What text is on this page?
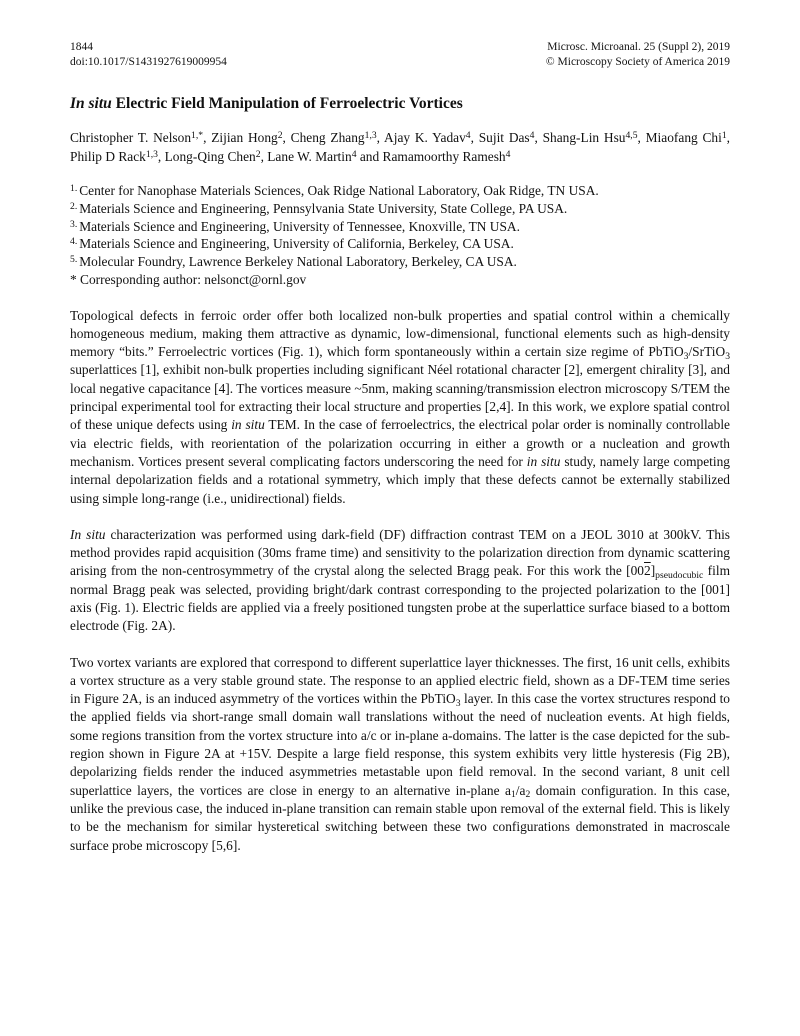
1844
doi:10.1017/S1431927619009954
Microsc. Microanal. 25 (Suppl 2), 2019
© Microscopy Society of America 2019
In situ Electric Field Manipulation of Ferroelectric Vortices

Christopher T. Nelson$^{1,*}$, Zijian Hong$^2$, Cheng Zhang$^{1,3}$, Ajay K. Yadav$^4$, Sujit Das$^4$, Shang-Lin Hsu$^{4,5}$, Miaofang Chi$^1$, Philip D Rack$^{1,3}$, Long-Qing Chen$^2$, Lane W. Martin$^4$ and Ramamoorthy Ramesh$^4$

$^{1.}$ Center for Nanophase Materials Sciences, Oak Ridge National Laboratory, Oak Ridge, TN USA.

$^{2.}$ Materials Science and Engineering, Pennsylvania State University, State College, PA USA.

$^{3.}$ Materials Science and Engineering, University of Tennessee, Knoxville, TN USA.

$^{4.}$ Materials Science and Engineering, University of California, Berkeley, CA USA.

$^{5.}$ Molecular Foundry, Lawrence Berkeley National Laboratory, Berkeley, CA USA.

* Corresponding author: nelsonct@ornl.gov

Topological defects in ferroic order offer both localized non-bulk properties and spatial control within a chemically homogeneous medium, making them attractive as dynamic, low-dimensional, functional elements such as high-density memory “bits.” Ferroelectric vortices (Fig. 1), which form spontaneously within a certain size regime of PbTiO$_3$/SrTiO$_3$ superlattices [1], exhibit non-bulk properties including significant Néel rotational character [2], emergent chirality [3], and local negative capacitance [4]. The vortices measure ~5nm, making scanning/transmission electron microscopy S/TEM the principal experimental tool for extracting their local structure and properties [2,4]. In this work, we explore spatial control of these unique defects using in situ TEM. In the case of ferroelectrics, the electrical polar order is nominally controllable via electric fields, with reorientation of the polarization occurring in either a growth or a nucleation and growth mechanism. Vortices present several complicating factors underscoring the need for in situ study, namely large competing internal depolarization fields and a rotational symmetry, which imply that these defects cannot be externally stabilized using simple long-range (i.e., unidirectional) fields.

In situ characterization was performed using dark-field (DF) diffraction contrast TEM on a JEOL 3010 at 300kV. This method provides rapid acquisition (30ms frame time) and sensitivity to the polarization direction from dynamic scattering arising from the non-centrosymmetry of the crystal along the selected Bragg peak. For this work the $[002]_{pseudocubic}$ film normal Bragg peak was selected, providing bright/dark contrast corresponding to the projected polarization to the [001] axis (Fig. 1). Electric fields are applied via a freely positioned tungsten probe at the superlattice surface biased to a bottom electrode (Fig. 2A).

Two vortex variants are explored that correspond to different superlattice layer thicknesses. The first, 16 unit cells, exhibits a vortex structure as a very stable ground state. The response to an applied electric field, shown as a DF-TEM time series in Figure 2A, is an induced asymmetry of the vortices within the PbTiO$_3$ layer. In this case the vortex structures respond to the applied fields via short-range small domain wall translations without the need of nucleation events. At high fields, some regions transition from the vortex structure into a/c or in-plane a-domains. The latter is the case depicted for the sub-region shown in Figure 2A at +15V. Despite a large field response, this system exhibits very little hysteresis (Fig 2B), depolarizing fields render the induced asymmetries metastable upon field removal. In the second variant, 8 unit cell superlattice layers, the vortices are close in energy to an alternative in-plane $a_1/a_2$ domain configuration. In this case, unlike the previous case, the induced in-plane transition can remain stable upon removal of the external field. This is likely to be the mechanism for similar hysteretical switching between these two configurations demonstrated in macroscale surface probe microscopy [5,6].
